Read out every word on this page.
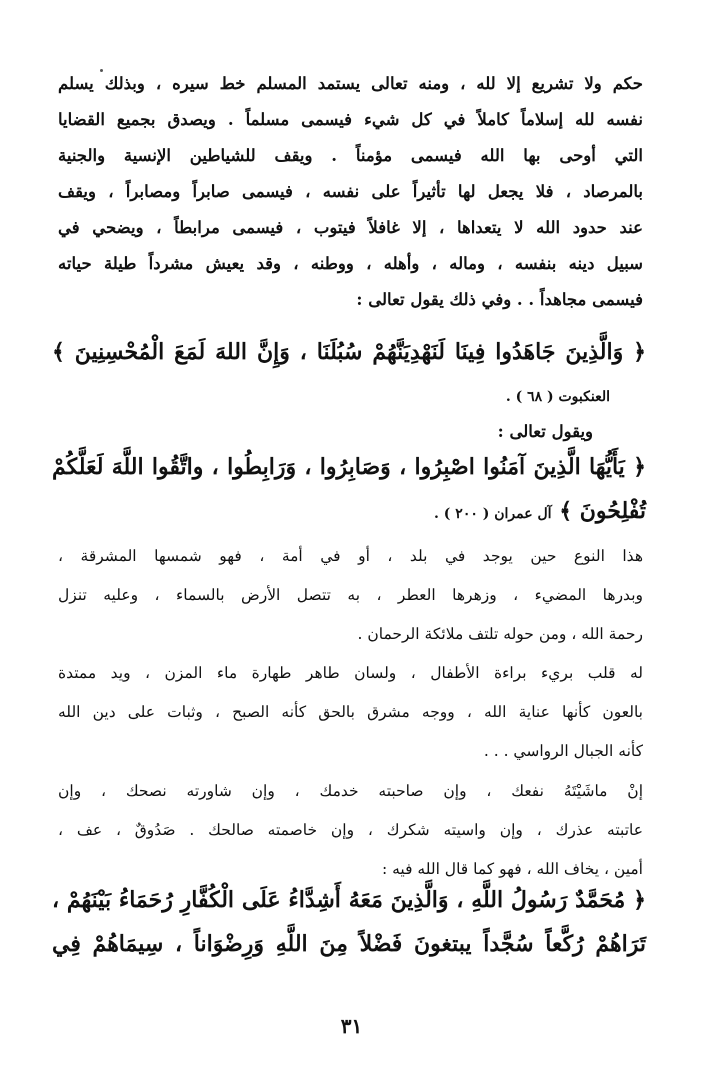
حكم ولا تشريع إلا لله ، ومنه تعالى يستمد المسلم خط سيره ، وبذلك يسلم
نفسه لله إسلاماً كاملاً في كل شيء فيسمى مسلماً . ويصدق بجميع القضايا
التي أوحى بها الله فيسمى مؤمناً . ويقف للشياطين الإنسية والجنية
بالمرصاد ، فلا يجعل لها تأثيراً على نفسه ، فيسمى صابراً ومصابراً ، ويقف
عند حدود الله لا يتعداها ، إلا غافلاً فيتوب ، فيسمى مرابطاً ، ويضحي في
سبيل دينه بنفسه ، وماله ، وأهله ، ووطنه ، وقد يعيش مشرداً طيلة حياته
فيسمى مجاهداً . . وفي ذلك يقول تعالى :
﴿ وَالَّذِينَ جَاهَدُوا فِينَا لَنَهْدِيَنَّهُمْ سُبُلَنَا ، وَإِنَّ اللهَ لَمَعَ الْمُحْسِنِينَ ﴾
العنكبوت ( ٦٨ ) .
ويقول تعالى :
﴿ يَأَيُّهَا الَّذِينَ آمَنُوا اصْبِرُوا ، وَصَابِرُوا ، وَرَابِطُوا ، واتَّقُوا اللَّهَ لَعَلَّكُمْ
تُفْلِحُونَ ﴾ آل عمران ( ٢٠٠ ) .
هذا النوع حين يوجد في بلد ، أو في أمة ، فهو شمسها المشرقة ،
وبدرها المضيء ، وزهرها العطر ، به تتصل الأرض بالسماء ، وعليه تنزل
رحمة الله ، ومن حوله تلتف ملائكة الرحمان .
له قلب بريء براءة الأطفال ، ولسان طاهر طهارة ماء المزن ، ويد ممتدة
بالعون كأنها عناية الله ، ووجه مشرق بالحق كأنه الصبح ، وثبات على دين الله
كأنه الجبال الرواسي . . .
إنْ ماشَيْتَهُ نفعك ، وإن صاحبته خدمك ، وإن شاورته نصحك ، وإن
عاتبته عذرك ، وإن واسيته شكرك ، وإن خاصمته صالحك . صَدُوقٌ ، عف ،
أمين ، يخاف الله ، فهو كما قال الله فيه :
﴿ مُحَمَّدٌ رَسُولُ اللَّهِ ، وَالَّذِينَ مَعَهُ أَشِدَّاءُ عَلَى الْكُفَّارِ رُحَمَاءُ بَيْنَهُمْ ،
تَرَاهُمْ رُكَّعاً سُجَّداً يبتغونَ فَضْلاً مِنَ اللَّهِ وَرِضْوَاناً ، سِيمَاهُمْ فِي
٣١
